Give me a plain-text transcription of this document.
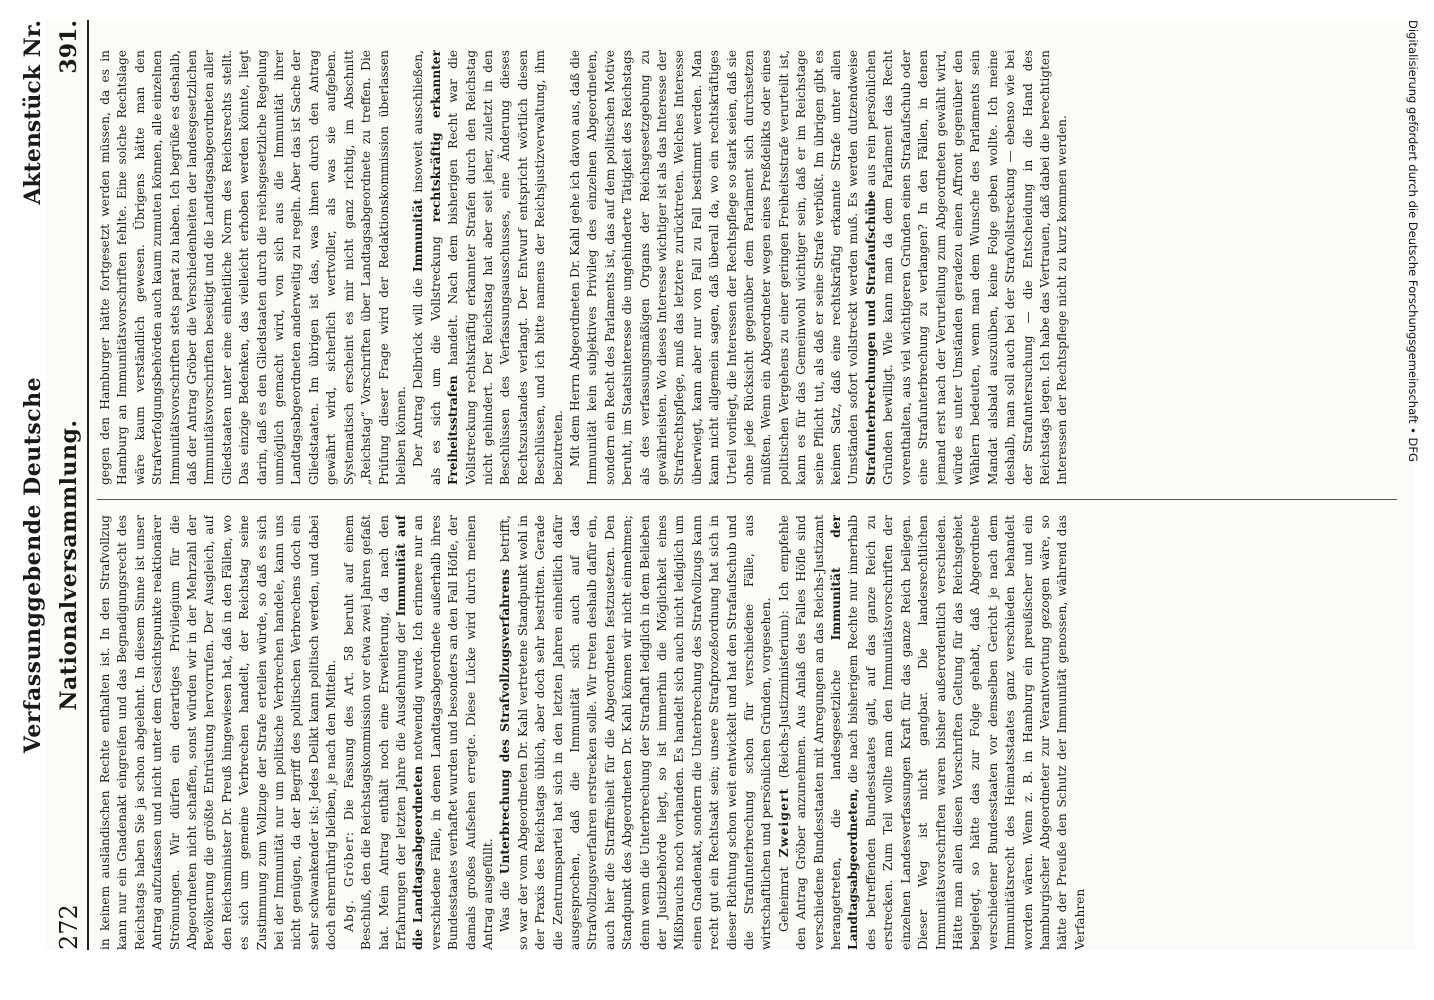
272
Verfassunggebende Deutsche Nationalversammlung.
Aktenstück Nr. 391.

in keinem ausländischen Rechte enthalten ist. In den Strafvollzug kann nur ein Gnadenakt eingreifen und das Begnadigungsrecht des Reichstags haben Sie ja schon abgelehnt. In diesem Sinne ist unser Antrag aufzufassen und nicht unter dem Gesichtspunkte reaktionärer Strömungen. Wir dürfen ein derartiges Privilegium für die Abgeordneten nicht schaffen, sonst würden wir in der Mehrzahl der Bevölkerung die größte Entrüstung hervorrufen. Der Ausgleich, auf den Reichsminister Dr. Preuß hingewiesen hat, daß in den Fällen, wo es sich um gemeine Verbrechen handelt, der Reichstag seine Zustimmung zum Vollzuge der Strafe erteilen würde, so daß es sich bei der Immunität nur um politische Verbrechen handele, kann uns nicht genügen, da der Begriff des politischen Verbrechens doch ein sehr schwankender ist: Jedes Delikt kann politisch werden, und dabei doch ehrenrührig bleiben, je nach den Mitteln. Abg. Gröber: Die Fassung des Art. 58 beruht auf einem Beschluß, den die Reichstagskommission vor etwa zwei Jahren gefaßt hat. Mein Antrag enthält noch eine Erweiterung, da nach den Erfahrungen der letzten Jahre die Ausdehnung der Immunität auf die Landtagsabgeordneten notwendig wurde. Ich erinnere nur an verschiedene Fälle, in denen Landtagsabgeordnete außerhalb ihres Bundesstaates verhaftet wurden und besonders an den Fall Höfle, der damals großes Aufsehen erregte. Diese Lücke wird durch meinen Antrag ausgefüllt. Was die Unterbrechung des Strafvollzugsverfahrens betrifft, so war der vom Abgeordneten Dr. Kahl vertretene Standpunkt wohl in der Praxis des Reichstags üblich, aber doch sehr bestritten. Gerade die Zentrumspartei hat sich in den letzten Jahren einheitlich dafür ausgesprochen, daß die Immunität sich auch auf das Strafvollzugsverfahren erstrecken solle. Wir treten deshalb dafür ein, auch hier die Straffreiheit für die Abgeordneten festzusetzen. Den Standpunkt des Abgeordneten Dr. Kahl können wir nicht einnehmen; denn wenn die Unterbrechung der Strafhaft lediglich in dem Belieben der Justizbehörde liegt, so ist immerhin die Möglichkeit eines Mißbrauchs noch vorhanden. Es handelt sich auch nicht lediglich um einen Gnadenakt, sondern die Unterbrechung des Strafvollzugs kann recht gut ein Rechtsakt sein; unsere Strafprozeßordnung hat sich in dieser Richtung schon weit entwickelt und hat den Strafaufschub und die Strafunterbrechung schon für verschiedene Fälle, aus wirtschaftlichen und persönlichen Gründen, vorgesehen. Geheimrat Zweigert (Reichs-Justizministerium): Ich empfehle den Antrag Gröber anzunehmen. Aus Anlaß des Falles Höfle sind verschiedene Bundesstaaten mit Anregungen an das Reichs-Justizamt herangetreten, die landesgesetzliche Immunität der Landtagsabgeordneten, die nach bisherigem Rechte nur innerhalb des betreffenden Bundesstaates galt, auf das ganze Reich zu erstrecken. Zum Teil wollte man den Immunitätsvorschriften der einzelnen Landesverfassungen Kraft für das ganze Reich beilegen. Dieser Weg ist nicht gangbar. Die landesrechtlichen Immunitätsvorschriften waren bisher außerordentlich verschieden. Hätte man allen diesen Vorschriften Geltung für das Reichsgebiet beigelegt, so hätte das zur Folge gehabt, daß Abgeordnete verschiedener Bundesstaaten vor demselben Gericht je nach dem Immunitätsrecht des Heimatsstaates ganz verschieden behandelt worden wären. Wenn z. B. in Hamburg ein preußischer und ein hamburgischer Abgeordneter zur Verantwortung gezogen wäre, so hätte der Preuße den Schutz der Immunität genossen, während das Verfahren

gegen den Hamburger hätte fortgesetzt werden müssen, da es in Hamburg an Immunitätsvorschriften fehlte. Eine solche Rechtslage wäre kaum verständlich gewesen. Übrigens hätte man den Strafverfolgungsbehörden auch kaum zumuten können, alle einzelnen Immunitätsvorschriften stets parat zu haben. Ich begrüße es deshalb, daß der Antrag Gröber die Verschiedenheiten der landesgesetzlichen Immunitätsvorschriften beseitigt und die Landtagsabgeordneten aller Gliedstaaten unter eine einheitliche Norm des Reichsrechts stellt. Das einzige Bedenken, das vielleicht erhoben werden könnte, liegt darin, daß es den Gliedstaaten durch die reichsgesetzliche Regelung unmöglich gemacht wird, von sich aus die Immunität ihrer Landtagsabgeordneten anderweitig zu regeln. Aber das ist Sache der Gliedstaaten. Im übrigen ist das, was ihnen durch den Antrag gewährt wird, sicherlich wertvoller, als was sie aufgeben. Systematisch erscheint es mir nicht ganz richtig, im Abschnitt „Reichstag“ Vorschriften über Landtagsabgeordnete zu treffen. Die Prüfung dieser Frage wird der Redaktionskommission überlassen bleiben können. Der Antrag Delbrück will die Immunität insoweit ausschließen, als es sich um die Vollstreckung rechtskräftig erkannter Freiheitsstrafen handelt. Nach dem bisherigen Recht war die Vollstreckung rechtskräftig erkannter Strafen durch den Reichstag nicht gehindert. Der Reichstag hat aber seit jeher, zuletzt in den Beschlüssen des Verfassungsausschusses, eine Änderung dieses Rechtszustandes verlangt. Der Entwurf entspricht wörtlich diesen Beschlüssen, und ich bitte namens der Reichsjustizverwaltung, ihm beizutreten. Mit dem Herrn Abgeordneten Dr. Kahl gehe ich davon aus, daß die Immunität kein subjektives Privileg des einzelnen Abgeordneten, sondern ein Recht des Parlaments ist, das auf dem politischen Motive beruht, im Staatsinteresse die ungehinderte Tätigkeit des Reichstags als des verfassungsmäßigen Organs der Reichsgesetzgebung zu gewährleisten. Wo dieses Interesse wichtiger ist als das Interesse der Strafrechtspflege, muß das letztere zurücktreten. Welches Interesse überwiegt, kann aber nur von Fall zu Fall bestimmt werden. Man kann nicht allgemein sagen, daß überall da, wo ein rechtskräftiges Urteil vorliegt, die Interessen der Rechtspflege so stark seien, daß sie ohne jede Rücksicht gegenüber dem Parlament sich durchsetzen müßten. Wenn ein Abgeordneter wegen eines Preßdelikts oder eines politischen Vergehens zu einer geringen Freiheitsstrafe verurteilt ist, kann es für das Gemeinwohl wichtiger sein, daß er im Reichstage seine Pflicht tut, als daß er seine Strafe verbüßt. Im übrigen gibt es keinen Satz, daß eine rechtskräftig erkannte Strafe unter allen Umständen sofort vollstreckt werden muß. Es werden dutzendweise Strafunterbrechungen und Strafaufschübe aus rein persönlichen Gründen bewilligt. Wie kann man da dem Parlament das Recht vorenthalten, aus viel wichtigeren Gründen einen Strafaufschub oder eine Strafunterbrechung zu verlangen? In den Fällen, in denen jemand erst nach der Verurteilung zum Abgeordneten gewählt wird, würde es unter Umständen geradezu einen Affront gegenüber den Wählern bedeuten, wenn man dem Wunsche des Parlaments sein Mandat alsbald auszuüben, keine Folge geben wollte. Ich meine deshalb, man soll auch bei der Strafvollstreckung — ebenso wie bei der Strafuntersuchung — die Entscheidung in die Hand des Reichstags legen. Ich habe das Vertrauen, daß dabei die berechtigten Interessen der Rechtspflege nicht zu kurz kommen werden.	Digitalisierung gefördert durch die Deutsche Forschungsgemeinschaft • DFG
